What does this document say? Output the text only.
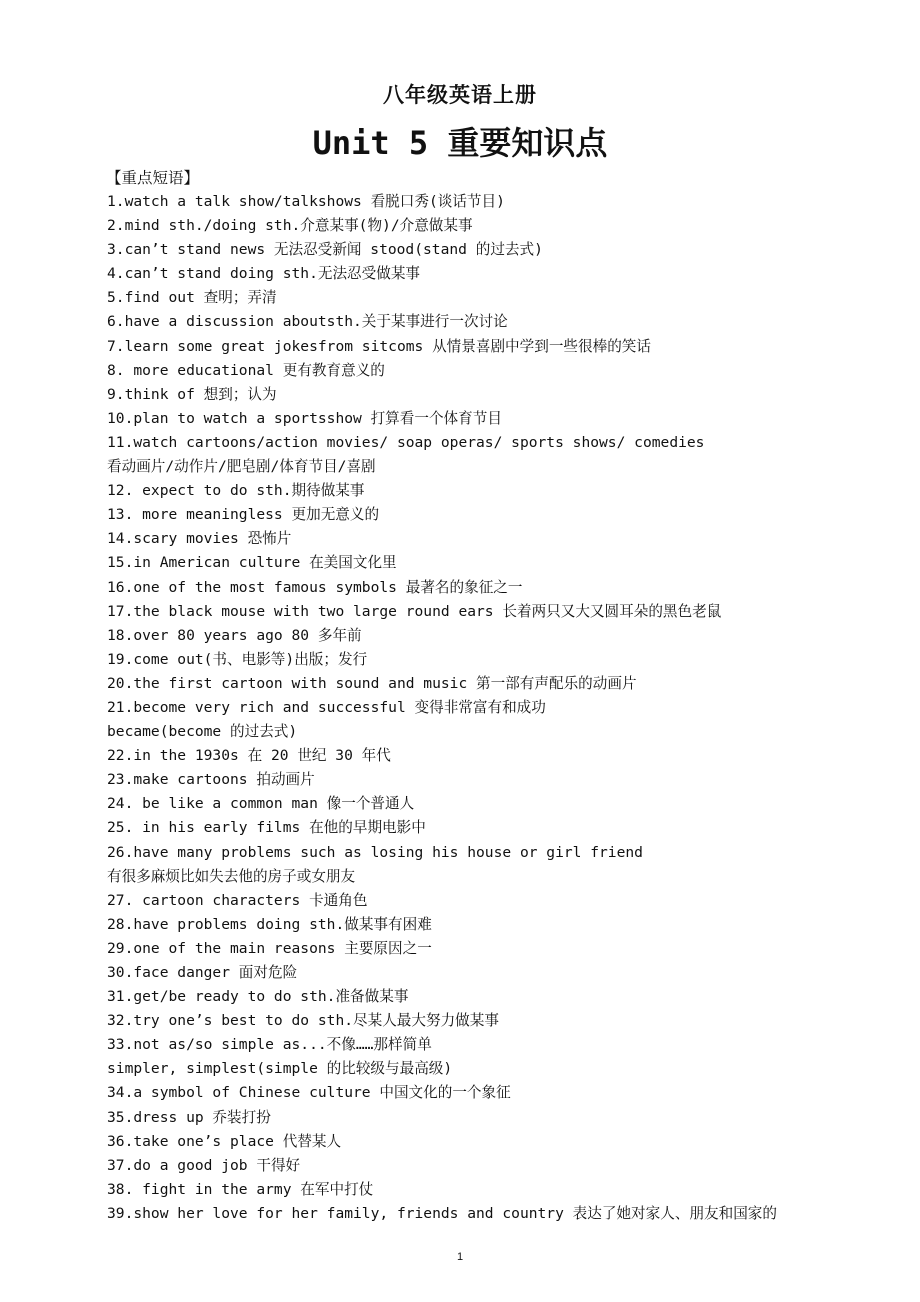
八年级英语上册
Unit 5 重要知识点
【重点短语】
1.watch a talk show/talkshows 看脱口秀(谈话节目)
2.mind sth./doing sth.介意某事(物)/介意做某事
3.can’t stand news 无法忍受新闻 stood(stand 的过去式)
4.can’t stand doing sth.无法忍受做某事
5.find out 查明；弄清
6.have a discussion aboutsth.关于某事进行一次讨论
7.learn some great jokesfrom sitcoms 从情景喜剧中学到一些很棒的笑话
8. more educational 更有教育意义的
9.think of 想到；认为
10.plan to watch a sportsshow 打算看一个体育节目
11.watch cartoons/action movies/ soap operas/ sports shows/ comedies
看动画片/动作片/肥皂剧/体育节目/喜剧
12. expect to do sth.期待做某事
13. more meaningless 更加无意义的
14.scary movies 恐怖片
15.in American culture 在美国文化里
16.one of the most famous symbols 最著名的象征之一
17.the black mouse with two large round ears 长着两只又大又圆耳朵的黑色老鼠
18.over 80 years ago 80 多年前
19.come out(书、电影等)出版；发行
20.the first cartoon with sound and music 第一部有声配乐的动画片
21.become very rich and successful 变得非常富有和成功
became(become 的过去式)
22.in the 1930s 在 20 世纪 30 年代
23.make cartoons 拍动画片
24. be like a common man 像一个普通人
25. in his early films 在他的早期电影中
26.have many problems such as losing his house or girl friend
有很多麻烦比如失去他的房子或女朋友
27. cartoon characters 卡通角色
28.have problems doing sth.做某事有困难
29.one of the main reasons 主要原因之一
30.face danger 面对危险
31.get/be ready to do sth.准备做某事
32.try one’s best to do sth.尽某人最大努力做某事
33.not as/so simple as...不像……那样简单
simpler, simplest(simple 的比较级与最高级)
34.a symbol of Chinese culture 中国文化的一个象征
35.dress up 乔装打扮
36.take one’s place 代替某人
37.do a good job 干得好
38. fight in the army 在军中打仗
39.show her love for her family, friends and country 表达了她对家人、朋友和国家的
1
